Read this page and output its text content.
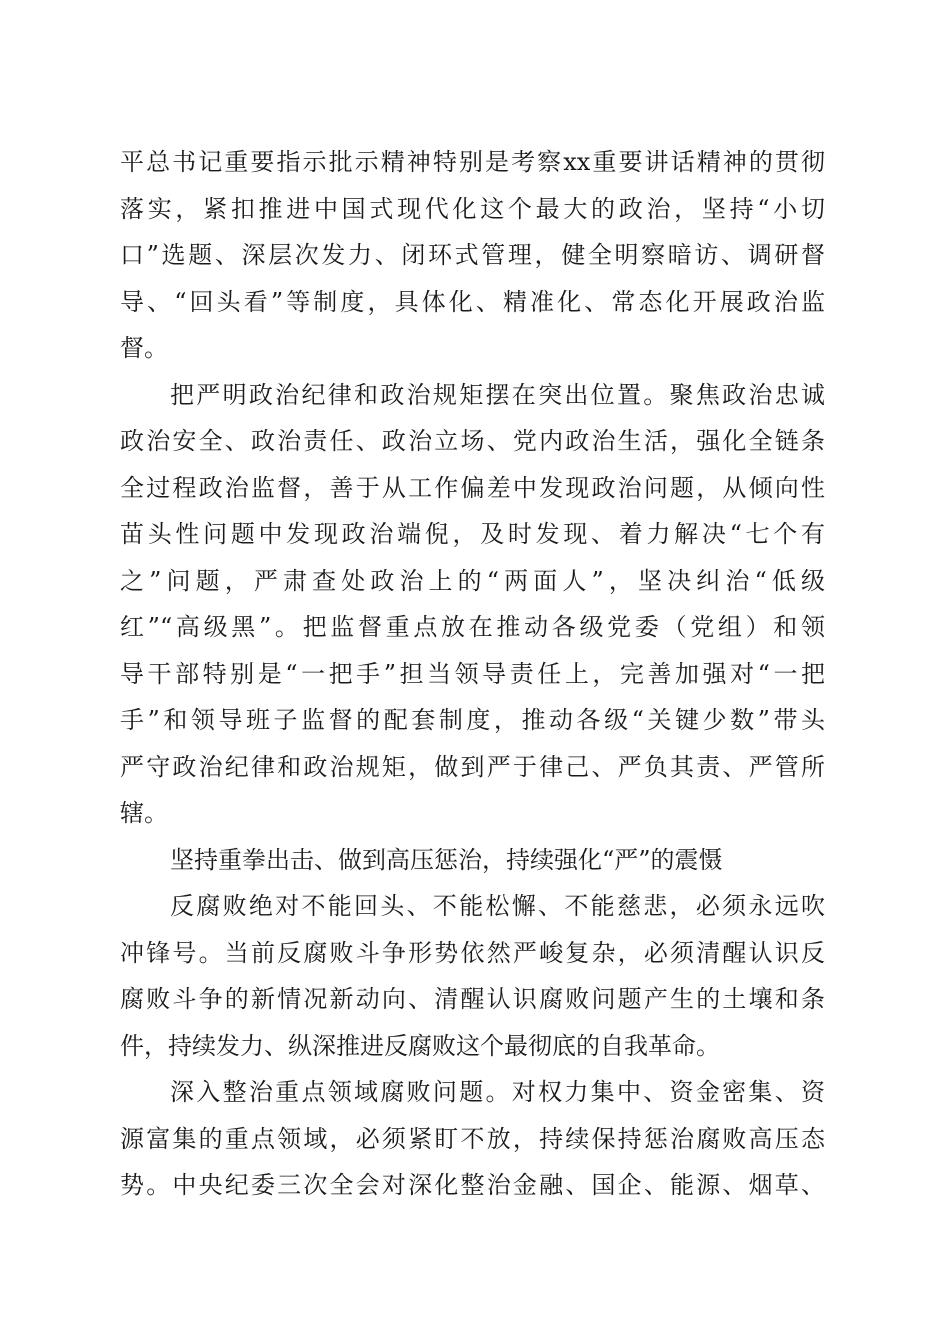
平总书记重要指示批示精神特别是考察xx重要讲话精神的贯彻
落实，紧扣推进中国式现代化这个最大的政治，坚持“小切
口”选题、深层次发力、闭环式管理，健全明察暗访、调研督
导、“回头看”等制度，具体化、精准化、常态化开展政治监
督。
把严明政治纪律和政治规矩摆在突出位置。聚焦政治忠诚
政治安全、政治责任、政治立场、党内政治生活，强化全链条
全过程政治监督，善于从工作偏差中发现政治问题，从倾向性
苗头性问题中发现政治端倪，及时发现、着力解决“七个有
之”问题，严肃查处政治上的“两面人”，坚决纠治“低级
红”“高级黑”。把监督重点放在推动各级党委（党组）和领
导干部特别是“一把手”担当领导责任上，完善加强对“一把
手”和领导班子监督的配套制度，推动各级“关键少数”带头
严守政治纪律和政治规矩，做到严于律己、严负其责、严管所
辖。
坚持重拳出击、做到高压惩治，持续强化“严”的震慑
反腐败绝对不能回头、不能松懈、不能慈悲，必须永远吹
冲锋号。当前反腐败斗争形势依然严峻复杂，必须清醒认识反
腐败斗争的新情况新动向、清醒认识腐败问题产生的土壤和条
件，持续发力、纵深推进反腐败这个最彻底的自我革命。
深入整治重点领域腐败问题。对权力集中、资金密集、资
源富集的重点领域，必须紧盯不放，持续保持惩治腐败高压态
势。中央纪委三次全会对深化整治金融、国企、能源、烟草、
